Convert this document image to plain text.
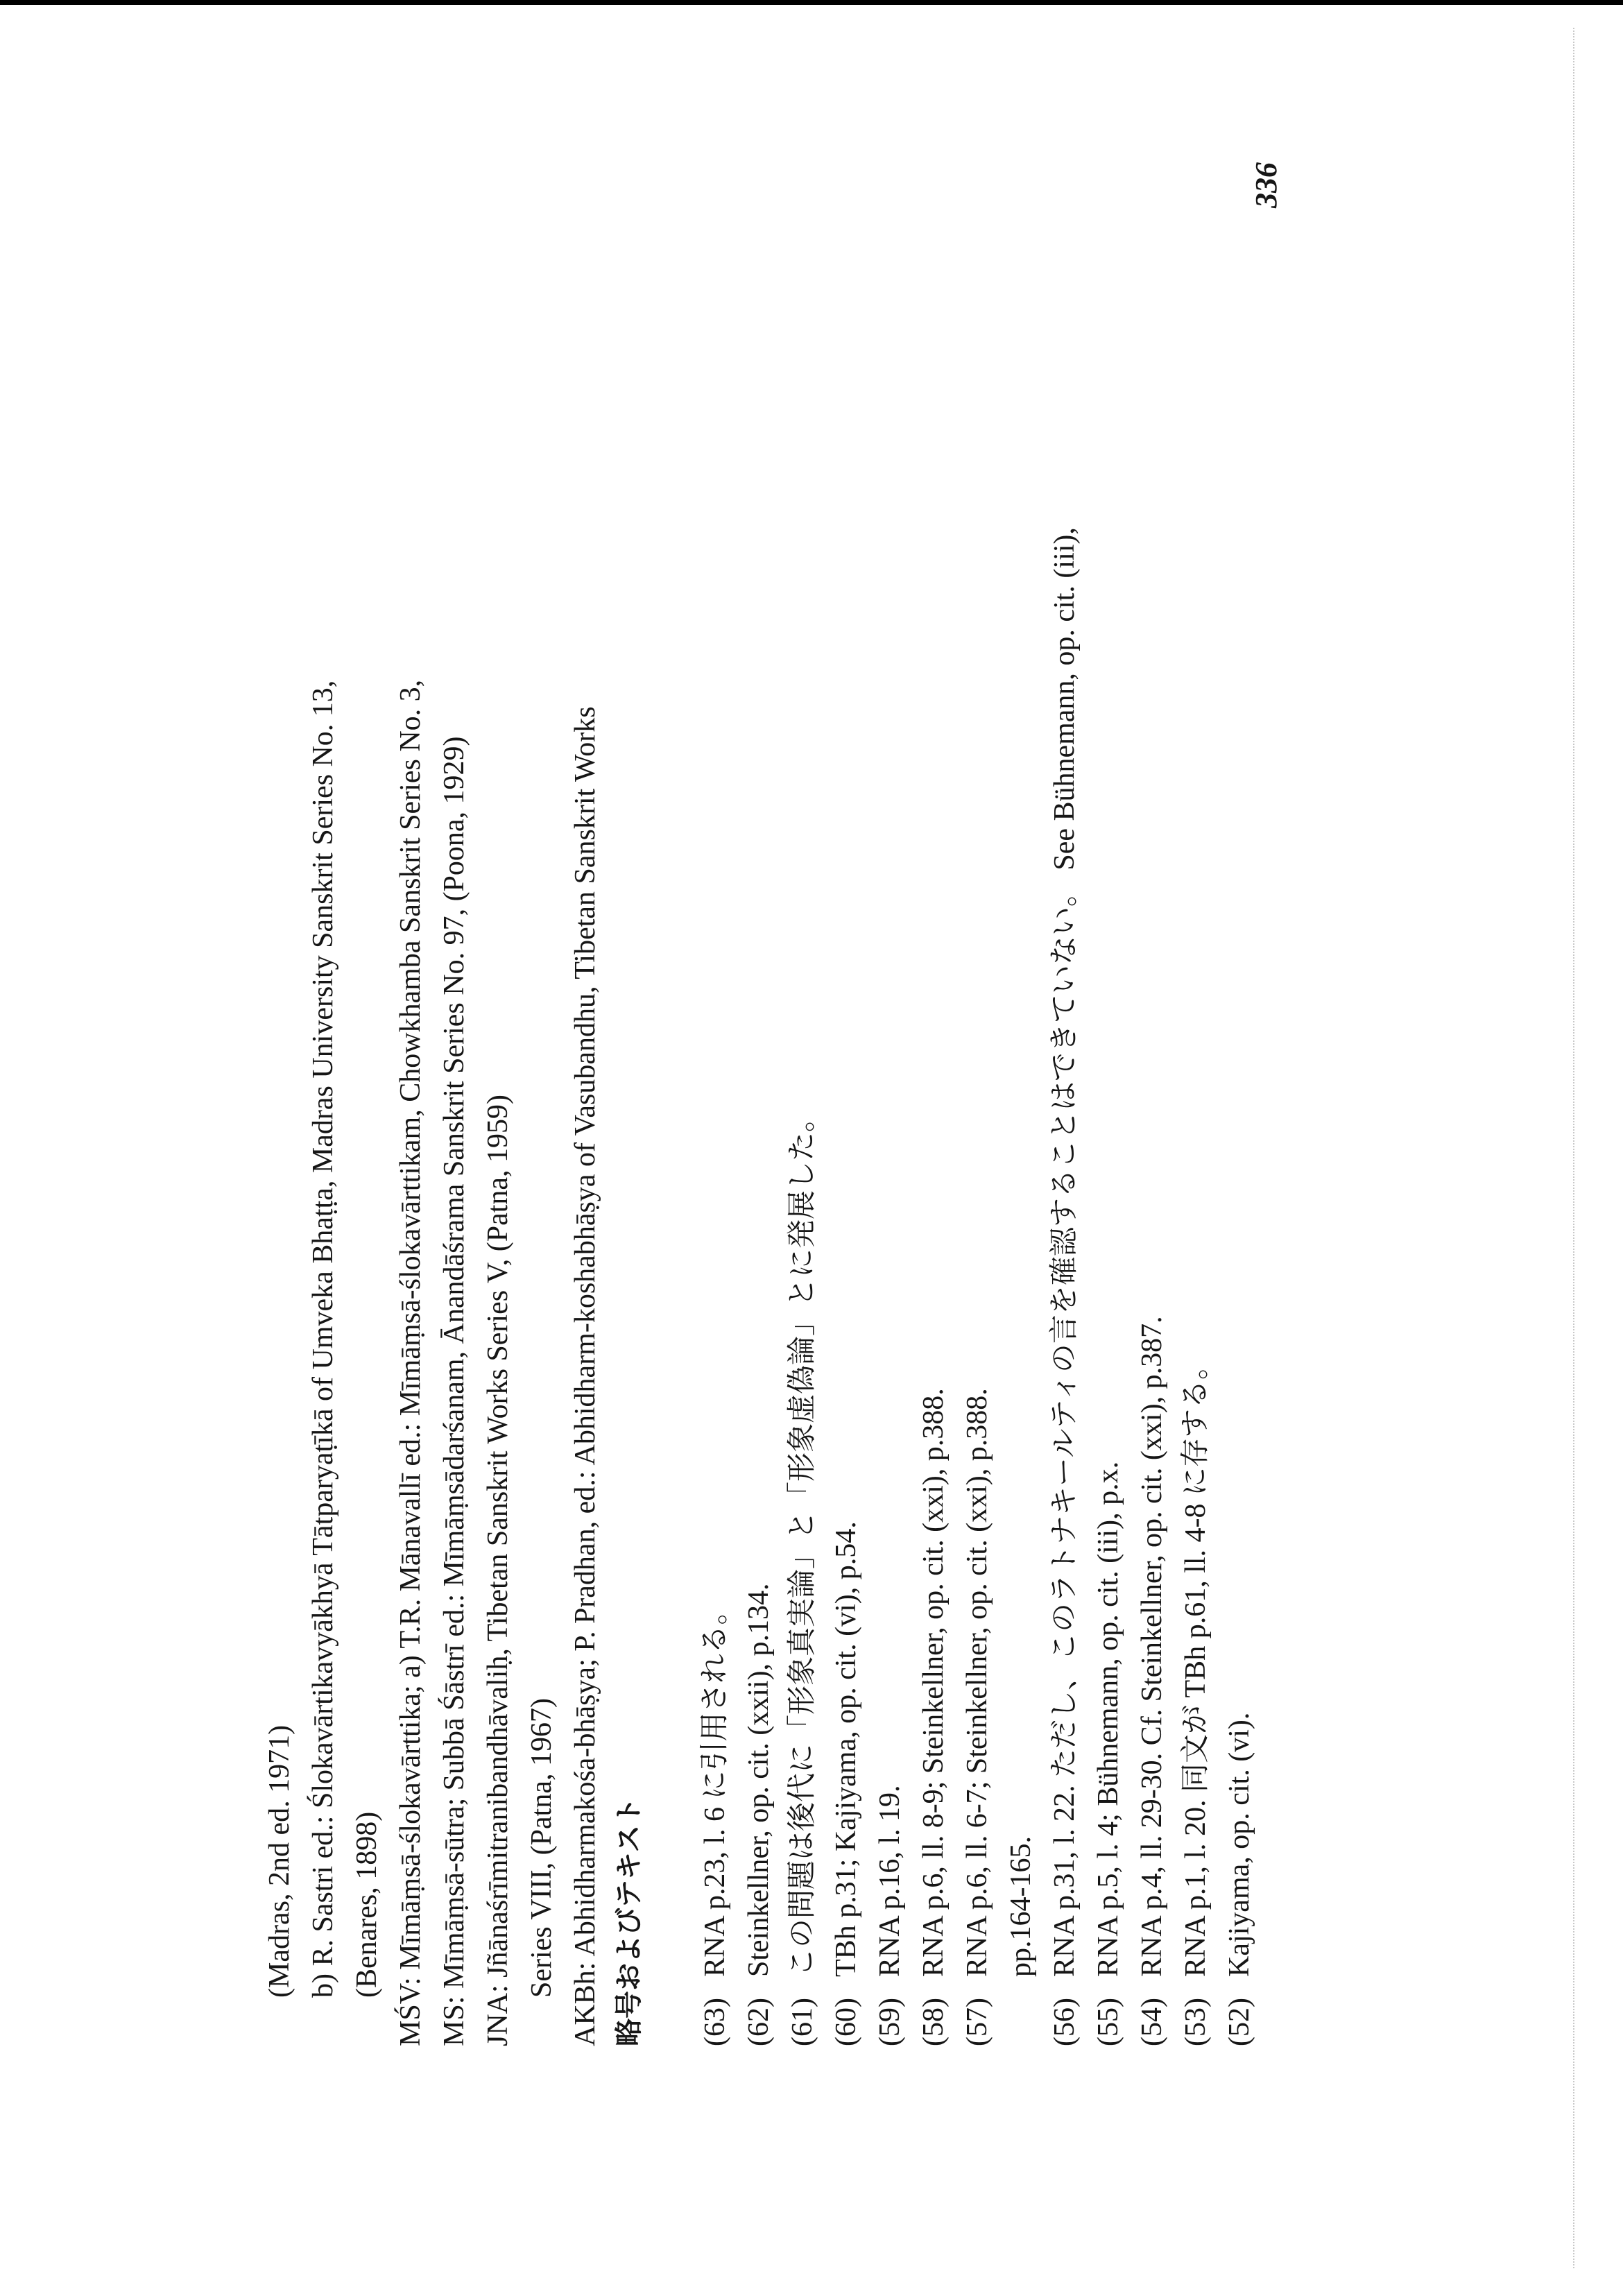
(52)Kajiyama, op. cit. (vi).
(53)RNA p.1, l. 20. 同文が TBh p.61, ll. 4-8 に存する。
(54)RNA p.4, ll. 29-30. Cf. Steinkellner, op. cit. (xxi), p.387.
(55)RNA p.5, l. 4; Bühnemann, op. cit. (iii), p.x.
(56)RNA p.31, l. 22. ただし、このラトナキールティの言を確認することはできていない。 See Bühnemann, op. cit. (iii),
pp.164-165.
(57)RNA p.6, ll. 6-7; Steinkellner, op. cit. (xxi), p.388.
(58)RNA p.6, ll. 8-9; Steinkellner, op. cit. (xxi), p.388.
(59)RNA p.16, l. 19.
(60)TBh p.31; Kajiyama, op. cit. (vi), p.54.
(61)この問題は後代に「形象真実論」と「形象虚偽論」とに発展した。
(62)Steinkellner, op. cit. (xxii), p.134.
(63)RNA p.23, l. 6 に引用される。
略号およびテキスト
AKBh: Abhidharmakośa-bhāṣya; P. Pradhan, ed.: Abhidharm-koshabhāṣya of Vasubandhu, Tibetan Sanskrit Works
Series VIII, (Patna, 1967)
JNA: Jñānaśrīmitranibandhāvaliḥ, Tibetan Sanskrit Works Series V, (Patna, 1959)
MS: Mīmāṃsā-sūtra; Subbā Śāstrī ed.: Mīmāṃsādarśanam, Ānandāśrama Sanskrit Series No. 97, (Poona, 1929)
MŚV: Mīmāṃsā-ślokavārttika; a) T.R. Mānavallī ed.: Mīmāṃsā-ślokavārttikam, Chowkhamba Sanskrit Series No. 3,
(Benares, 1898)
b) R. Sastri ed.: Ślokavārtikavyākhyā Tātparyaṭīkā of Umveka Bhaṭṭa, Madras University Sanskrit Series No. 13,
(Madras, 2nd ed. 1971)
336
